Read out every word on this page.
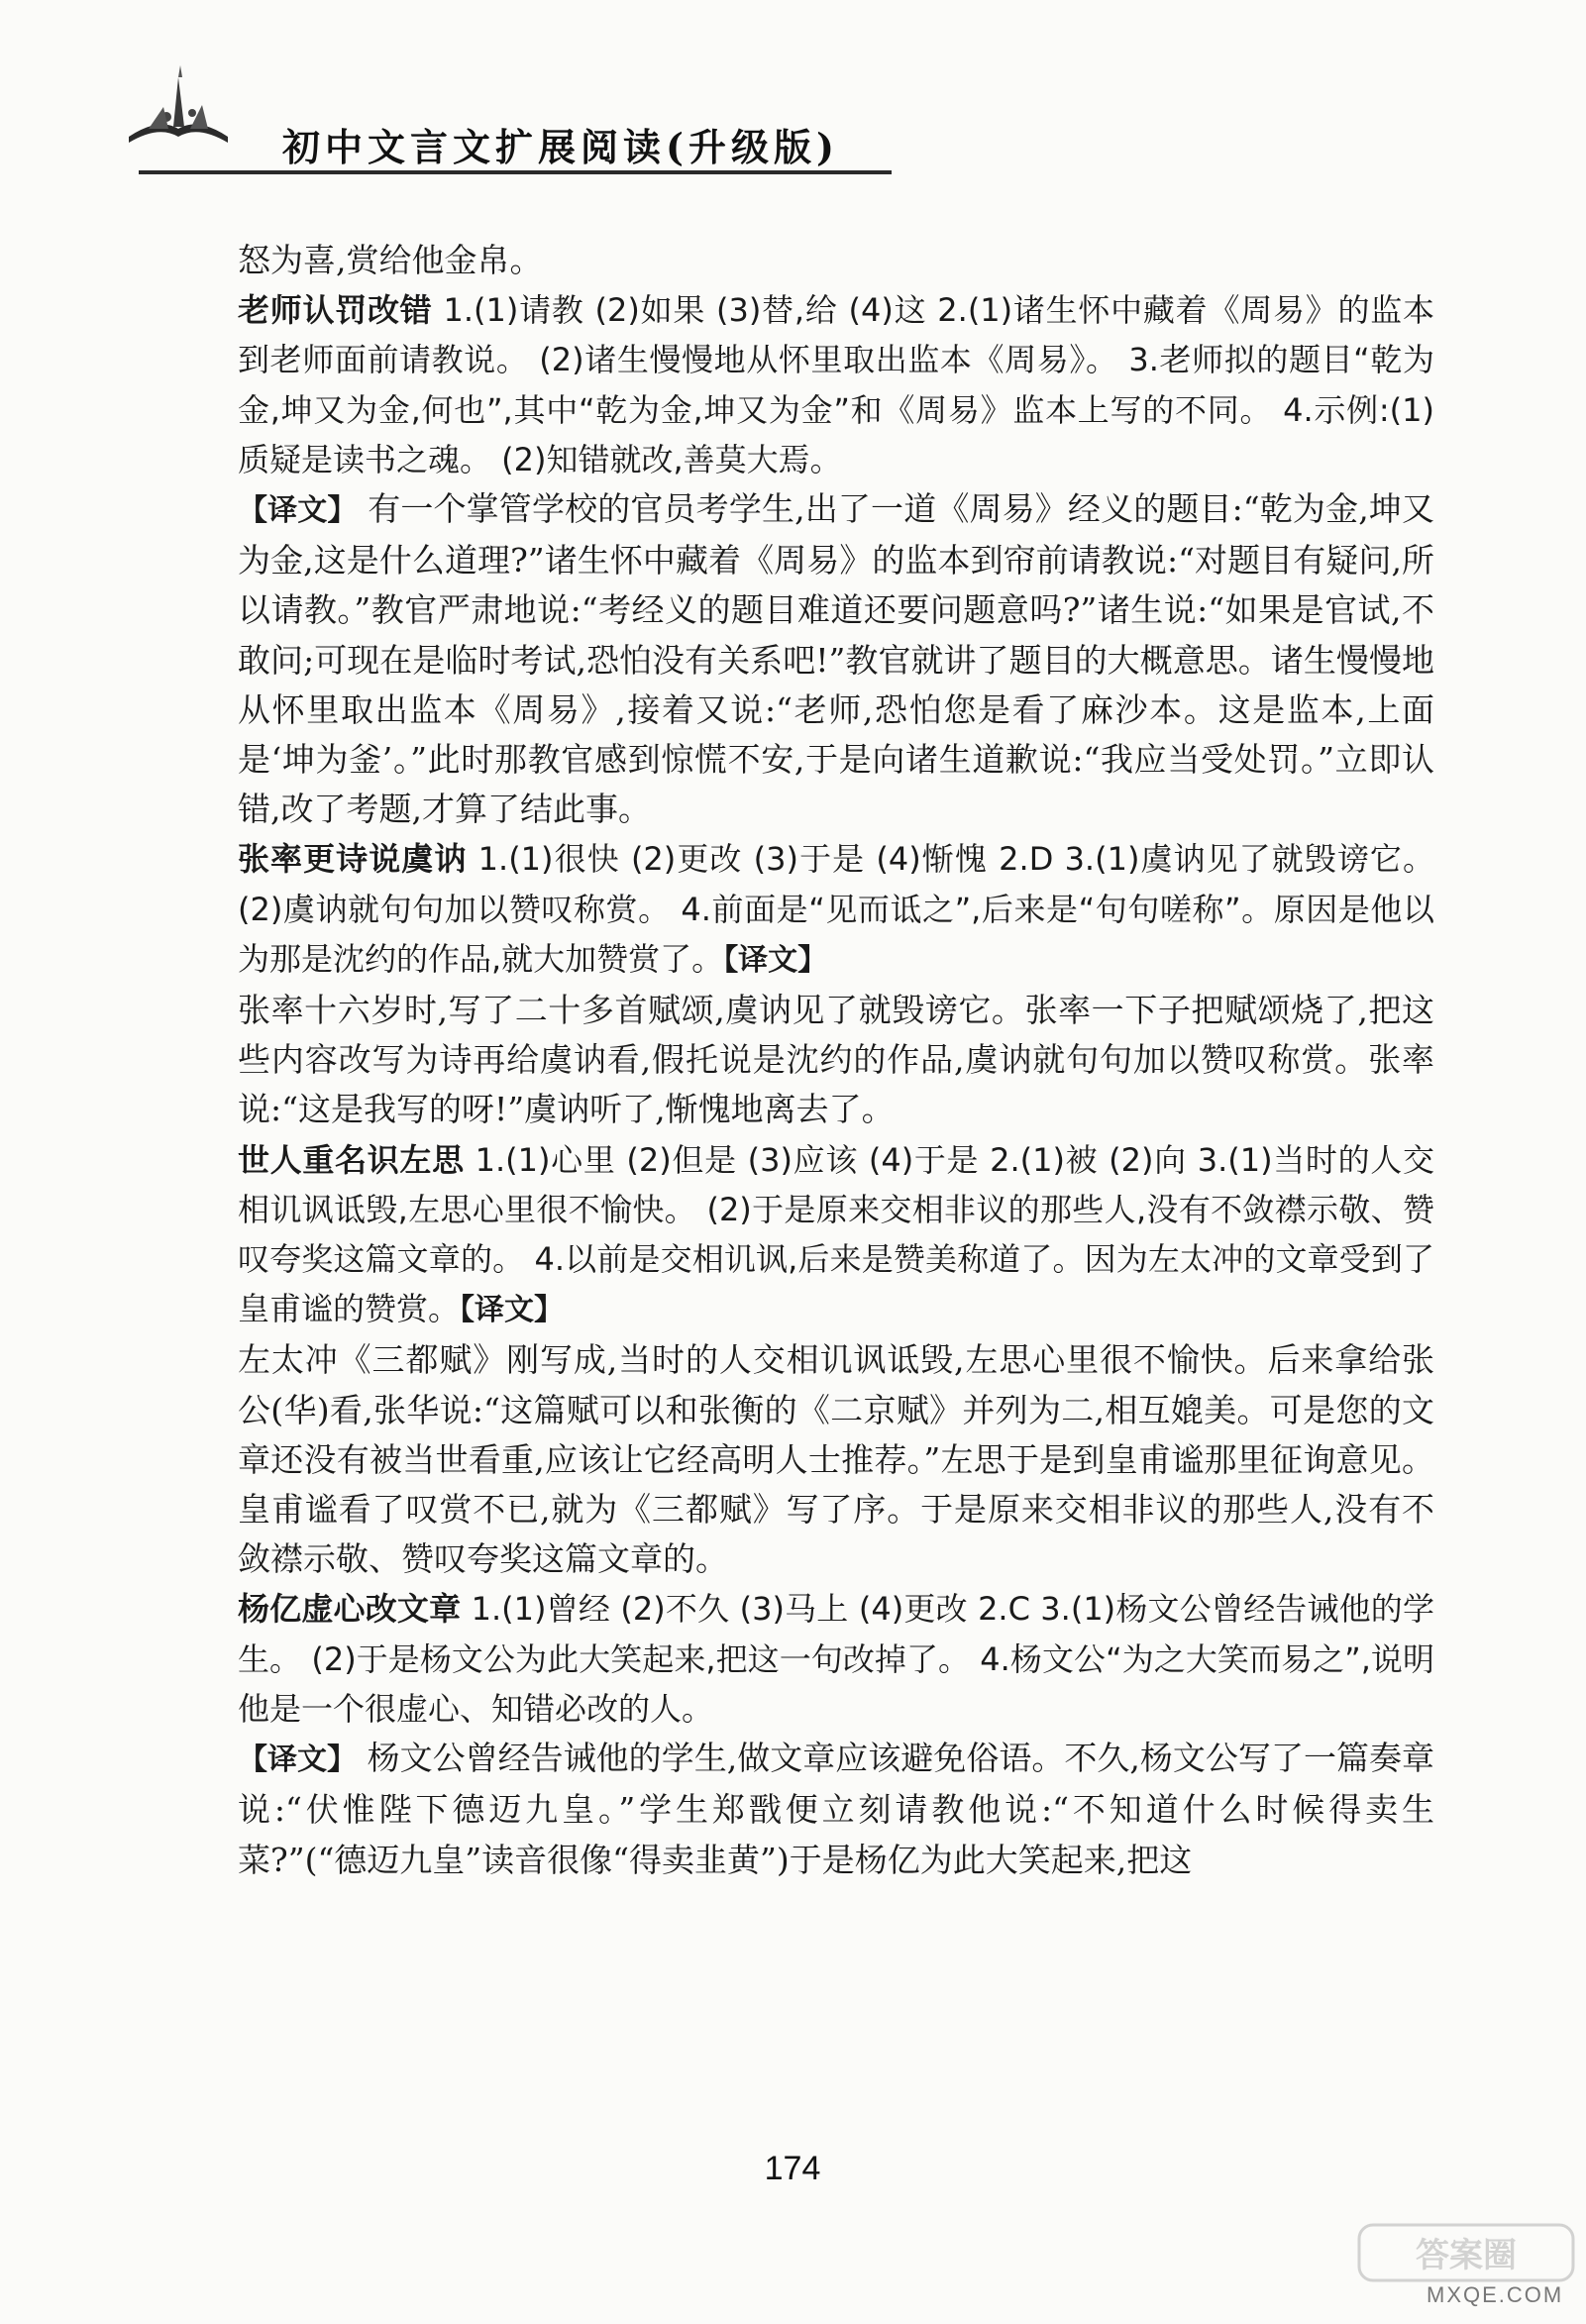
初中文言文扩展阅读(升级版)

怒为喜,赏给他金帛。

老师认罚改错 1.(1)请教 (2)如果 (3)替,给 (4)这 2.(1)诸生怀中藏着《周易》的监本到老师面前请教说。 (2)诸生慢慢地从怀里取出监本《周易》。 3.老师拟的题目“乾为金,坤又为金,何也”,其中“乾为金,坤又为金”和《周易》监本上写的不同。 4.示例:(1)质疑是读书之魂。 (2)知错就改,善莫大焉。
【译文】 有一个掌管学校的官员考学生,出了一道《周易》经义的题目:“乾为金,坤又为金,这是什么道理?”诸生怀中藏着《周易》的监本到帘前请教说:“对题目有疑问,所以请教。”教官严肃地说:“考经义的题目难道还要问题意吗?”诸生说:“如果是官试,不敢问;可现在是临时考试,恐怕没有关系吧!”教官就讲了题目的大概意思。诸生慢慢地从怀里取出监本《周易》,接着又说:“老师,恐怕您是看了麻沙本。这是监本,上面是‘坤为釜’。”此时那教官感到惊慌不安,于是向诸生道歉说:“我应当受处罚。”立即认错,改了考题,才算了结此事。

张率更诗说虞讷 1.(1)很快 (2)更改 (3)于是 (4)惭愧 2.D 3.(1)虞讷见了就毁谤它。 (2)虞讷就句句加以赞叹称赏。 4.前面是“见而诋之”,后来是“句句嗟称”。原因是他以为那是沈约的作品,就大加赞赏了。【译文】
张率十六岁时,写了二十多首赋颂,虞讷见了就毁谤它。张率一下子把赋颂烧了,把这些内容改写为诗再给虞讷看,假托说是沈约的作品,虞讷就句句加以赞叹称赏。张率说:“这是我写的呀!”虞讷听了,惭愧地离去了。

世人重名识左思 1.(1)心里 (2)但是 (3)应该 (4)于是 2.(1)被 (2)向 3.(1)当时的人交相讥讽诋毁,左思心里很不愉快。 (2)于是原来交相非议的那些人,没有不敛襟示敬、赞叹夸奖这篇文章的。 4.以前是交相讥讽,后来是赞美称道了。因为左太冲的文章受到了皇甫谧的赞赏。【译文】
左太冲《三都赋》刚写成,当时的人交相讥讽诋毁,左思心里很不愉快。后来拿给张公(华)看,张华说:“这篇赋可以和张衡的《二京赋》并列为二,相互媲美。可是您的文章还没有被当世看重,应该让它经高明人士推荐。”左思于是到皇甫谧那里征询意见。皇甫谧看了叹赏不已,就为《三都赋》写了序。于是原来交相非议的那些人,没有不敛襟示敬、赞叹夸奖这篇文章的。

杨亿虚心改文章 1.(1)曾经 (2)不久 (3)马上 (4)更改 2.C 3.(1)杨文公曾经告诫他的学生。 (2)于是杨文公为此大笑起来,把这一句改掉了。 4.杨文公“为之大笑而易之”,说明他是一个很虚心、知错必改的人。
【译文】 杨文公曾经告诫他的学生,做文章应该避免俗语。不久,杨文公写了一篇奏章说:“伏惟陛下德迈九皇。”学生郑戬便立刻请教他说:“不知道什么时候得卖生菜?”(“德迈九皇”读音很像“得卖韭黄”)于是杨亿为此大笑起来,把这

174
答案圈
MXQE.COM
